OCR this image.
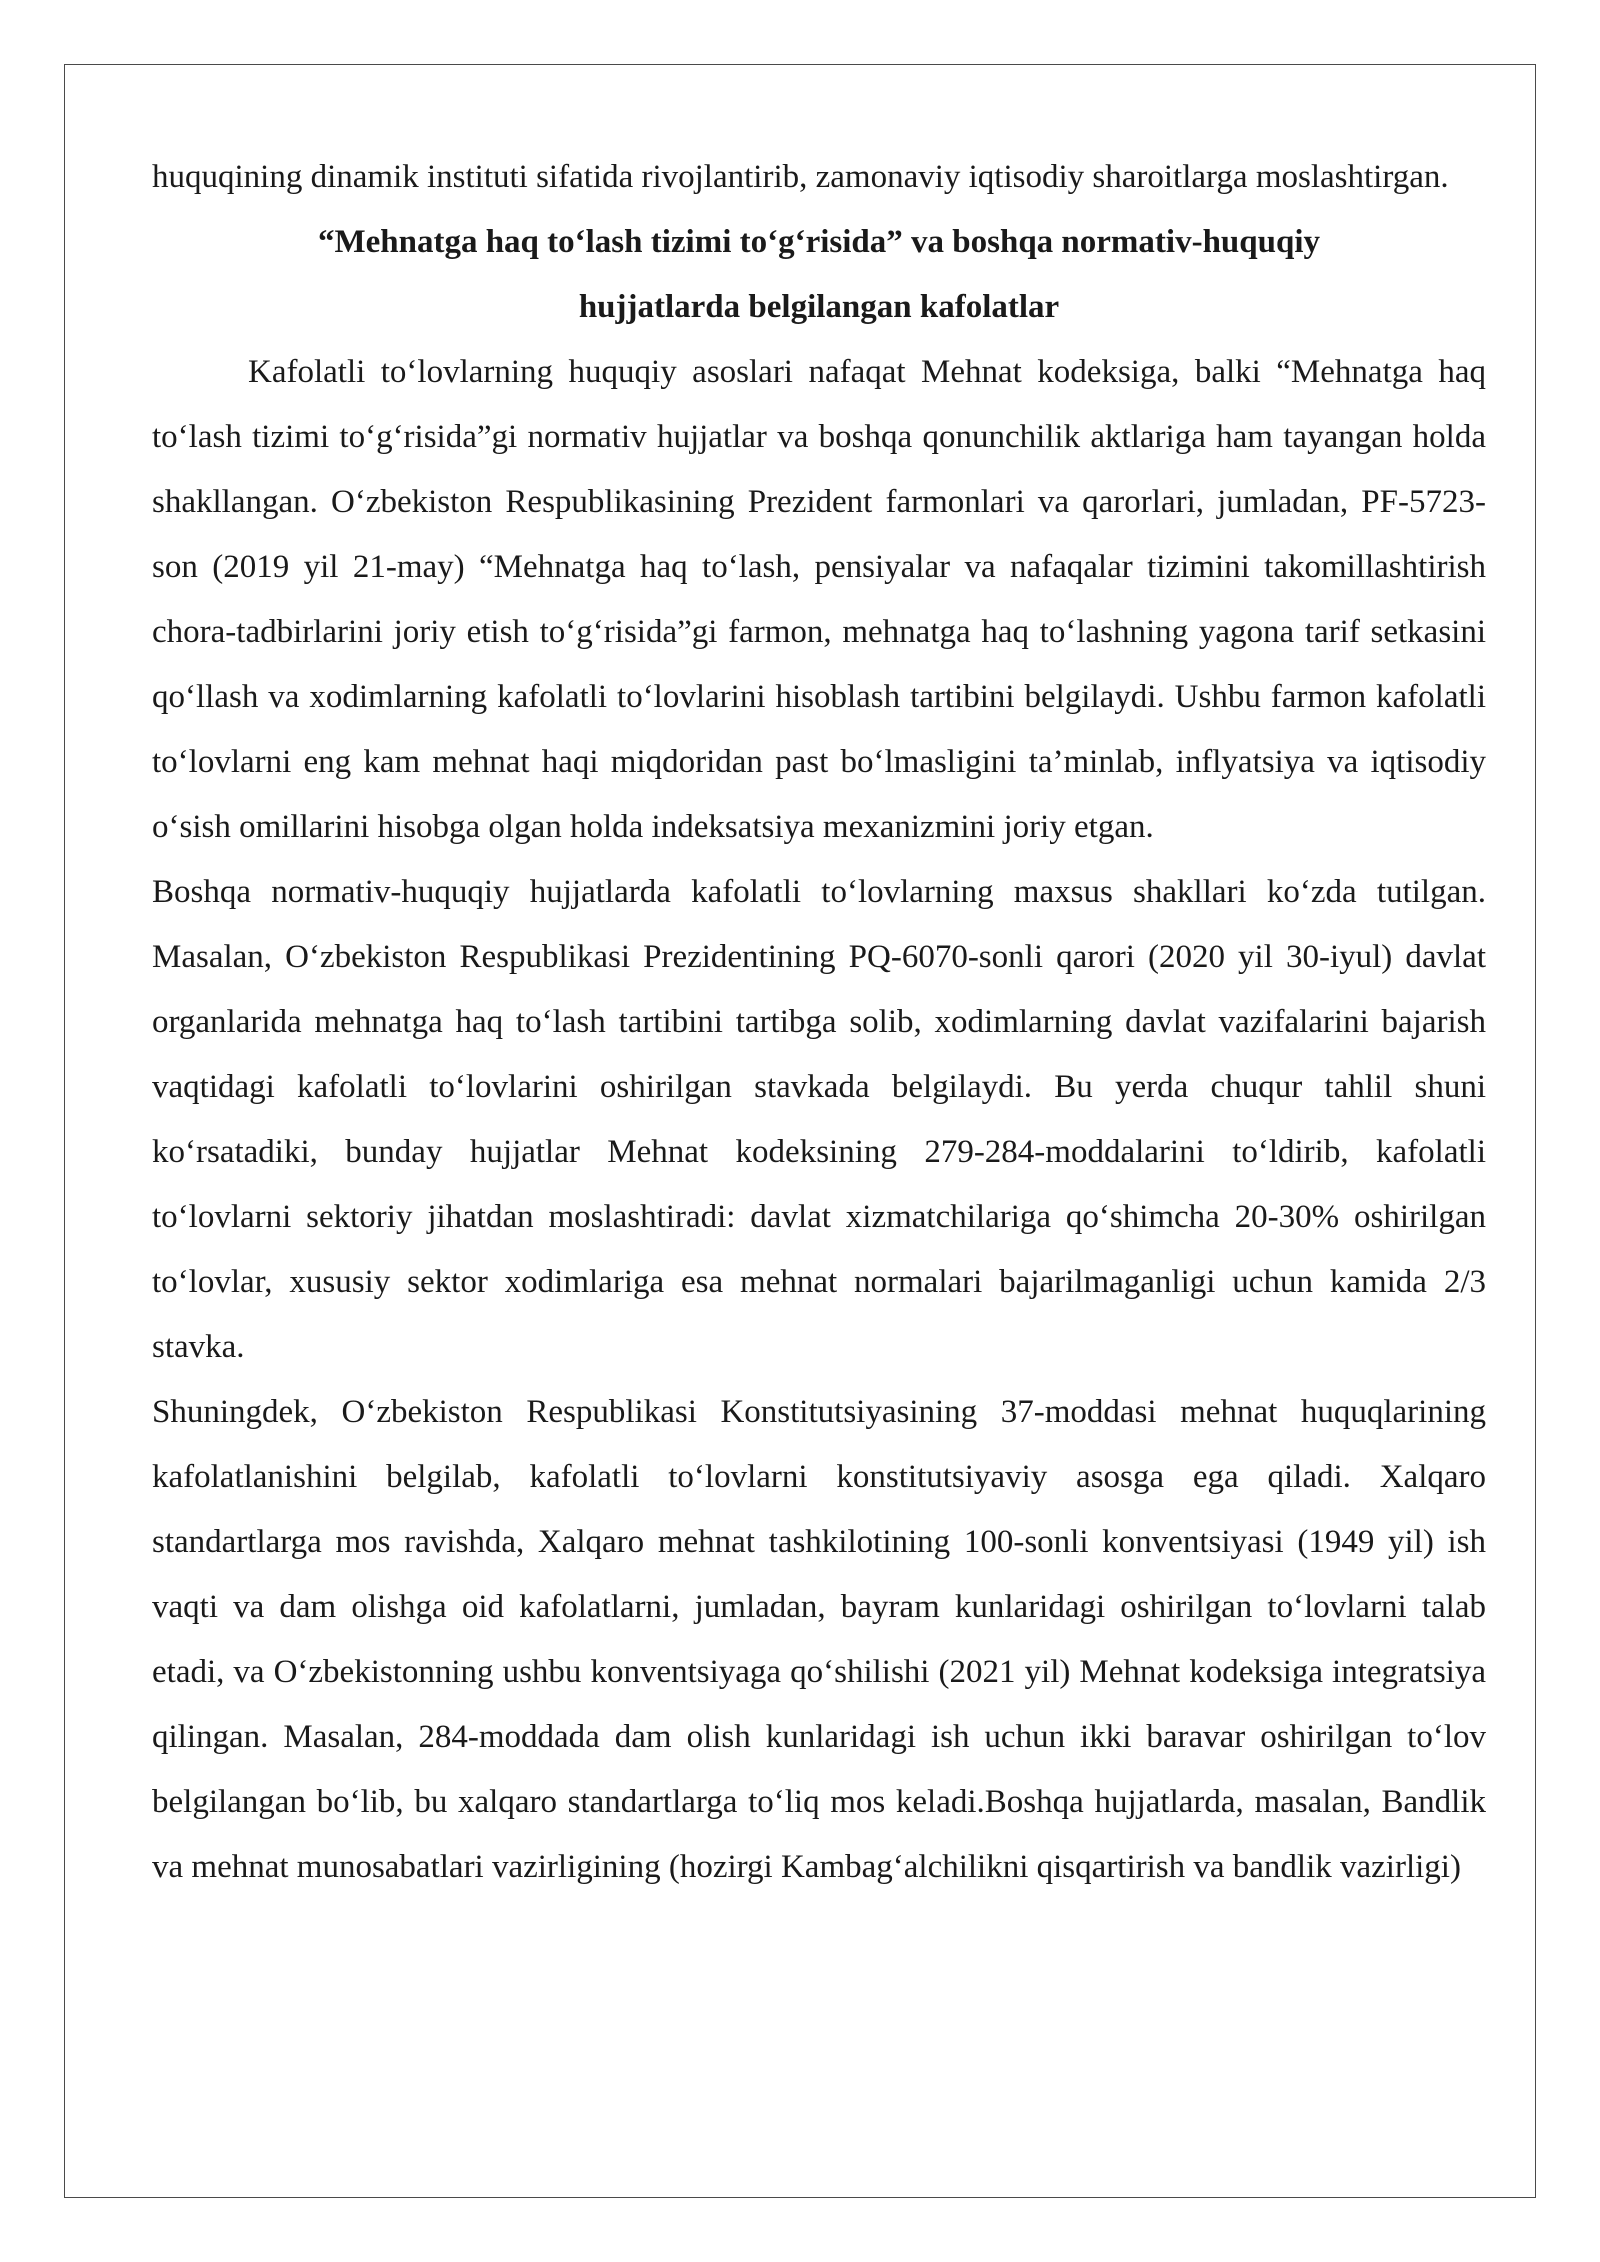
huquqining dinamik instituti sifatida rivojlantirib, zamonaviy iqtisodiy sharoitlarga moslashtirgan.

“Mehnatga haq to‘lash tizimi to‘g‘risida” va boshqa normativ-huquqiy hujjatlarda belgilangan kafolatlar

Kafolatli to‘lovlarning huquqiy asoslari nafaqat Mehnat kodeksiga, balki “Mehnatga haq to‘lash tizimi to‘g‘risida”gi normativ hujjatlar va boshqa qonunchilik aktlariga ham tayangan holda shakllangan. O‘zbekiston Respublikasining Prezident farmonlari va qarorlari, jumladan, PF-5723-son (2019 yil 21-may) “Mehnatga haq to‘lash, pensiyalar va nafaqalar tizimini takomillashtirish chora-tadbirlarini joriy etish to‘g‘risida”gi farmon, mehnatga haq to‘lashning yagona tarif setkasini qo‘llash va xodimlarning kafolatli to‘lovlarini hisoblash tartibini belgilaydi. Ushbu farmon kafolatli to‘lovlarni eng kam mehnat haqi miqdoridan past bo‘lmasligini ta’minlab, inflyatsiya va iqtisodiy o‘sish omillarini hisobga olgan holda indeksatsiya mexanizmini joriy etgan.

Boshqa normativ-huquqiy hujjatlarda kafolatli to‘lovlarning maxsus shakllari ko‘zda tutilgan. Masalan, O‘zbekiston Respublikasi Prezidentining PQ-6070-sonli qarori (2020 yil 30-iyul) davlat organlarida mehnatga haq to‘lash tartibini tartibga solib, xodimlarning davlat vazifalarini bajarish vaqtidagi kafolatli to‘lovlarini oshirilgan stavkada belgilaydi. Bu yerda chuqur tahlil shuni ko‘rsatadiki, bunday hujjatlar Mehnat kodeksining 279-284-moddalarini to‘ldirib, kafolatli to‘lovlarni sektoriy jihatdan moslashtiradi: davlat xizmatchilariga qo‘shimcha 20-30% oshirilgan to‘lovlar, xususiy sektor xodimlariga esa mehnat normalari bajarilmaganligi uchun kamida 2/3 stavka.

Shuningdek, O‘zbekiston Respublikasi Konstitutsiyasining 37-moddasi mehnat huquqlarining kafolatlanishini belgilab, kafolatli to‘lovlarni konstitutsiyaviy asosga ega qiladi. Xalqaro standartlarga mos ravishda, Xalqaro mehnat tashkilotining 100-sonli konventsiyasi (1949 yil) ish vaqti va dam olishga oid kafolatlarni, jumladan, bayram kunlaridagi oshirilgan to‘lovlarni talab etadi, va O‘zbekistonning ushbu konventsiyaga qo‘shilishi (2021 yil) Mehnat kodeksiga integratsiya qilingan. Masalan, 284-moddada dam olish kunlaridagi ish uchun ikki baravar oshirilgan to‘lov belgilangan bo‘lib, bu xalqaro standartlarga to‘liq mos keladi.Boshqa hujjatlarda, masalan, Bandlik va mehnat munosabatlari vazirligining (hozirgi Kambag‘alchilikni qisqartirish va bandlik vazirligi)
